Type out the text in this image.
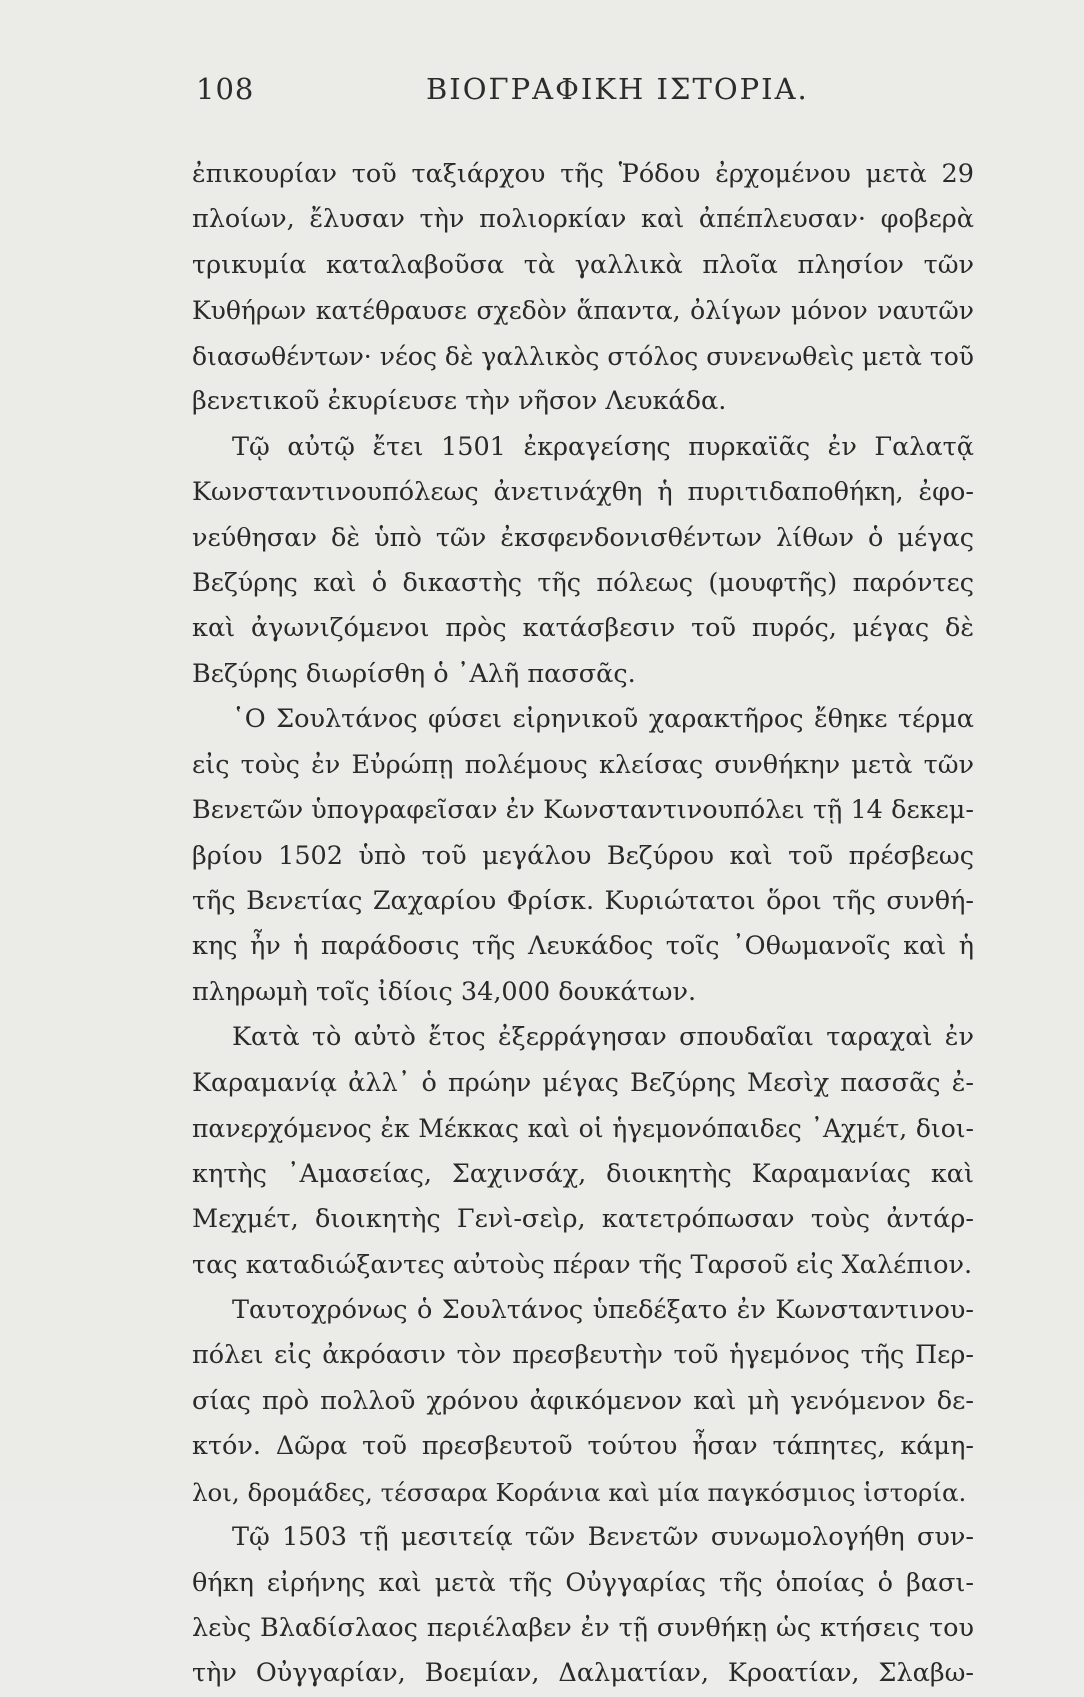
108	ΒΙΟΓΡΑΦΙΚΗ ΙΣΤΟΡΙΑ.
ἐπικουρίαν τοῦ ταξιάρχου τῆς Ῥόδου ἐρχομένου μετὰ 29
πλοίων, ἔλυσαν τὴν πολιορκίαν καὶ ἀπέπλευσαν· φοβερὰ
τρικυμία καταλαβοῦσα τὰ γαλλικὰ πλοῖα πλησίον τῶν
Κυθήρων κατέθραυσε σχεδὸν ἅπαντα, ὀλίγων μόνον ναυτῶν
διασωθέντων· νέος δὲ γαλλικὸς στόλος συνενωθεὶς μετὰ τοῦ
βενετικοῦ ἐκυρίευσε τὴν νῆσον Λευκάδα.
Τῷ αὐτῷ ἔτει 1501 ἐκραγείσης πυρκαϊᾶς ἐν Γαλατᾷ
Κωνσταντινουπόλεως ἀνετινάχθη ἡ πυριτιδαποθήκη, ἐφο-
νεύθησαν δὲ ὑπὸ τῶν ἐκσφενδονισθέντων λίθων ὁ μέγας
Βεζύρης καὶ ὁ δικαστὴς τῆς πόλεως (μουφτῆς) παρόντες
καὶ ἀγωνιζόμενοι πρὸς κατάσβεσιν τοῦ πυρός, μέγας δὲ
Βεζύρης διωρίσθη ὁ ᾿Αλῆ πασσᾶς.
῾Ο Σουλτάνος φύσει εἰρηνικοῦ χαρακτῆρος ἔθηκε τέρμα
εἰς τοὺς ἐν Εὐρώπῃ πολέμους κλείσας συνθήκην μετὰ τῶν
Βενετῶν ὑπογραφεῖσαν ἐν Κωνσταντινουπόλει τῇ 14 δεκεμ-
βρίου 1502 ὑπὸ τοῦ μεγάλου Βεζύρου καὶ τοῦ πρέσβεως
τῆς Βενετίας Ζαχαρίου Φρίσκ. Κυριώτατοι ὅροι τῆς συνθή-
κης ἦν ἡ παράδοσις τῆς Λευκάδος τοῖς ᾿Οθωμανοῖς καὶ ἡ
πληρωμὴ τοῖς ἰδίοις 34,000 δουκάτων.
Κατὰ τὸ αὐτὸ ἔτος ἐξερράγησαν σπουδαῖαι ταραχαὶ ἐν
Καραμανίᾳ ἀλλ᾿ ὁ πρώην μέγας Βεζύρης Μεσὶχ πασσᾶς ἐ-
πανερχόμενος ἐκ Μέκκας καὶ οἱ ἡγεμονόπαιδες ᾿Αχμέτ, διοι-
κητὴς ᾿Αμασείας, Σαχινσάχ, διοικητὴς Καραμανίας καὶ
Μεχμέτ, διοικητὴς Γενὶ-σεὶρ, κατετρόπωσαν τοὺς ἀντάρ-
τας καταδιώξαντες αὐτοὺς πέραν τῆς Ταρσοῦ εἰς Χαλέπιον.
Ταυτοχρόνως ὁ Σουλτάνος ὑπεδέξατο ἐν Κωνσταντινου-
πόλει εἰς ἀκρόασιν τὸν πρεσβευτὴν τοῦ ἡγεμόνος τῆς Περ-
σίας πρὸ πολλοῦ χρόνου ἀφικόμενον καὶ μὴ γενόμενον δε-
κτόν. Δῶρα τοῦ πρεσβευτοῦ τούτου ἦσαν τάπητες, κάμη-
λοι, δρομάδες, τέσσαρα Κοράνια καὶ μία παγκόσμιος ἱστορία.
Τῷ 1503 τῇ μεσιτείᾳ τῶν Βενετῶν συνωμολογήθη συν-
θήκη εἰρήνης καὶ μετὰ τῆς Οὐγγαρίας τῆς ὁποίας ὁ βασι-
λεὺς Βλαδίσλαος περιέλαβεν ἐν τῇ συνθήκῃ ὡς κτήσεις του
τὴν Οὐγγαρίαν, Βοεμίαν, Δαλματίαν, Κροατίαν, Σλαβω-
